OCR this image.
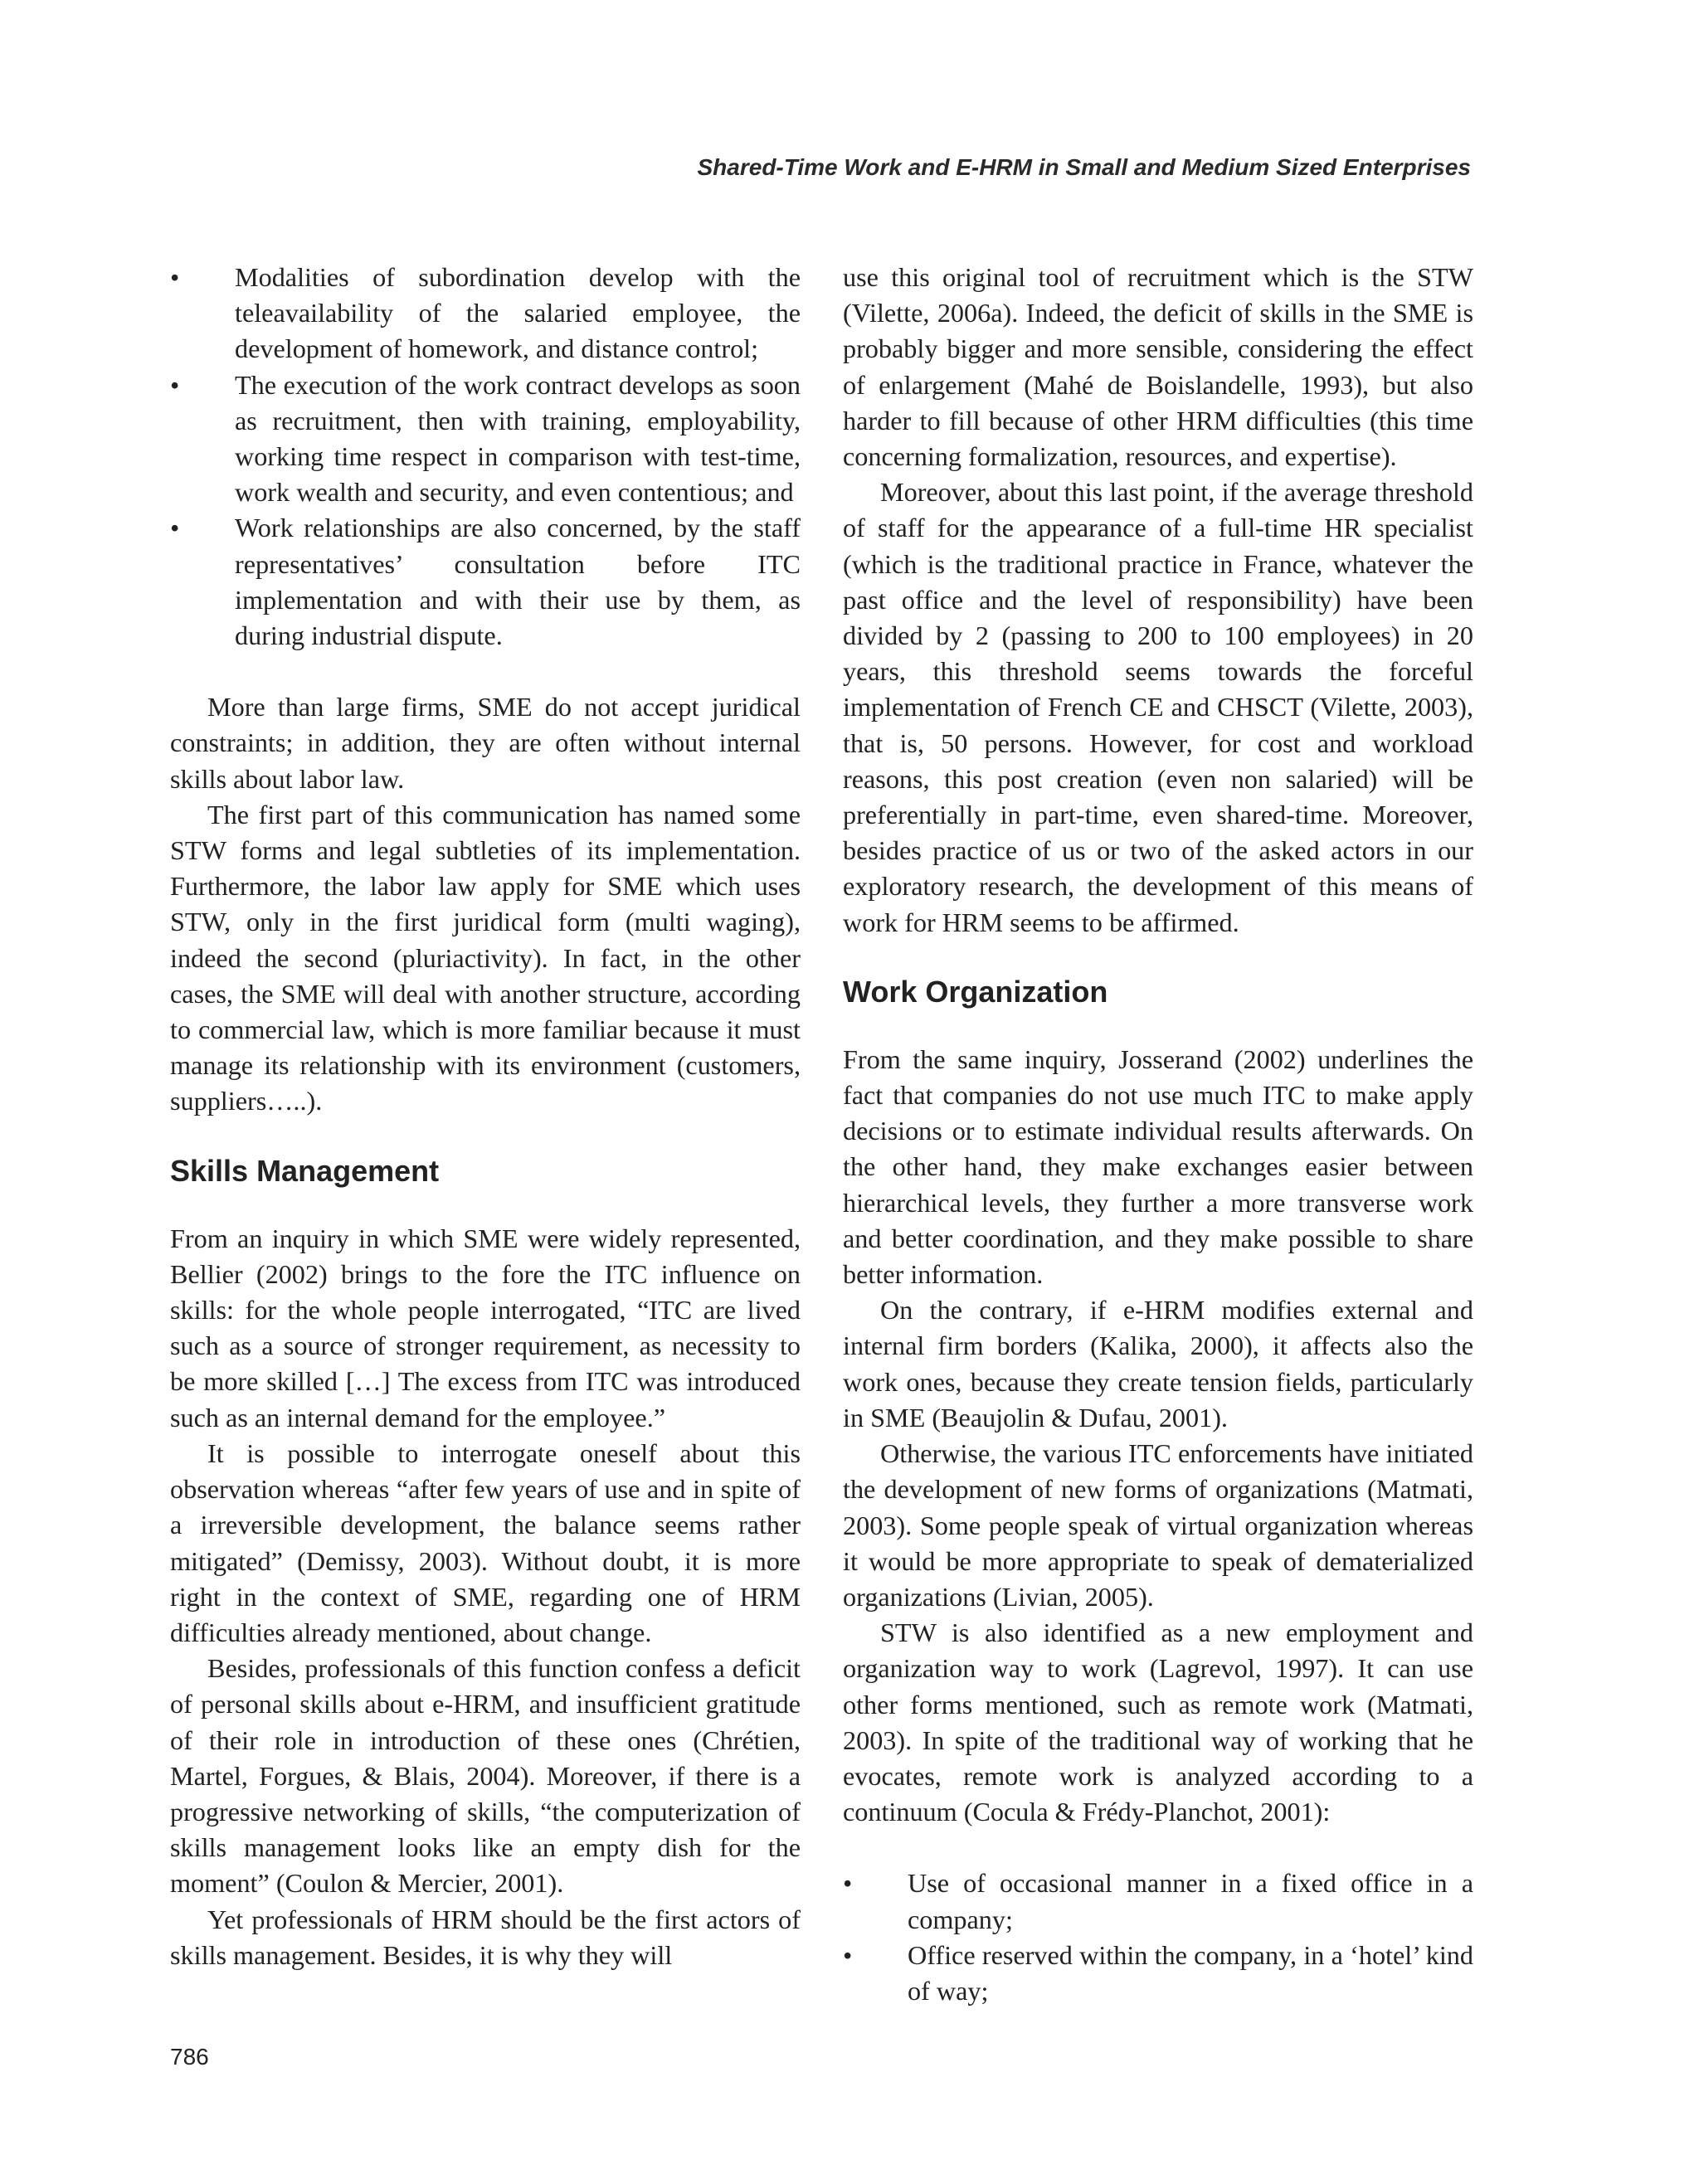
Shared-Time Work and E-HRM in Small and Medium Sized Enterprises
• Modalities of subordination develop with the teleavailability of the salaried employee, the development of homework, and distance control;
• The execution of the work contract develops as soon as recruitment, then with training, employability, working time respect in comparison with test-time, work wealth and security, and even contentious; and
• Work relationships are also concerned, by the staff representatives’ consultation before ITC implementation and with their use by them, as during industrial dispute.

More than large firms, SME do not accept juridical constraints; in addition, they are often without internal skills about labor law.

The first part of this communication has named some STW forms and legal subtleties of its implementation. Furthermore, the labor law apply for SME which uses STW, only in the first juridical form (multi waging), indeed the second (pluriactivity). In fact, in the other cases, the SME will deal with another structure, according to commercial law, which is more familiar because it must manage its relationship with its environment (customers, suppliers…..).

Skills Management

From an inquiry in which SME were widely represented, Bellier (2002) brings to the fore the ITC influence on skills: for the whole people interrogated, “ITC are lived such as a source of stronger requirement, as necessity to be more skilled […] The excess from ITC was introduced such as an internal demand for the employee.”

It is possible to interrogate oneself about this observation whereas “after few years of use and in spite of a irreversible development, the balance seems rather mitigated” (Demissy, 2003). Without doubt, it is more right in the context of SME, regarding one of HRM difficulties already mentioned, about change.

Besides, professionals of this function confess a deficit of personal skills about e-HRM, and insufficient gratitude of their role in introduction of these ones (Chrétien, Martel, Forgues, & Blais, 2004). Moreover, if there is a progressive networking of skills, “the computerization of skills management looks like an empty dish for the moment” (Coulon & Mercier, 2001).

Yet professionals of HRM should be the first actors of skills management. Besides, it is why they will

use this original tool of recruitment which is the STW (Vilette, 2006a). Indeed, the deficit of skills in the SME is probably bigger and more sensible, considering the effect of enlargement (Mahé de Boislandelle, 1993), but also harder to fill because of other HRM difficulties (this time concerning formalization, resources, and expertise).

Moreover, about this last point, if the average threshold of staff for the appearance of a full-time HR specialist (which is the traditional practice in France, whatever the past office and the level of responsibility) have been divided by 2 (passing to 200 to 100 employees) in 20 years, this threshold seems towards the forceful implementation of French CE and CHSCT (Vilette, 2003), that is, 50 persons. However, for cost and workload reasons, this post creation (even non salaried) will be preferentially in part-time, even shared-time. Moreover, besides practice of us or two of the asked actors in our exploratory research, the development of this means of work for HRM seems to be affirmed.

Work Organization

From the same inquiry, Josserand (2002) underlines the fact that companies do not use much ITC to make apply decisions or to estimate individual results afterwards. On the other hand, they make exchanges easier between hierarchical levels, they further a more transverse work and better coordination, and they make possible to share better information.

On the contrary, if e-HRM modifies external and internal firm borders (Kalika, 2000), it affects also the work ones, because they create tension fields, particularly in SME (Beaujolin & Dufau, 2001).

Otherwise, the various ITC enforcements have initiated the development of new forms of organizations (Matmati, 2003). Some people speak of virtual organization whereas it would be more appropriate to speak of dematerialized organizations (Livian, 2005).

STW is also identified as a new employment and organization way to work (Lagrevol, 1997). It can use other forms mentioned, such as remote work (Matmati, 2003). In spite of the traditional way of working that he evocates, remote work is analyzed according to a continuum (Cocula & Frédy-Planchot, 2001):

• Use of occasional manner in a fixed office in a company;
• Office reserved within the company, in a ‘hotel’ kind of way;
786
